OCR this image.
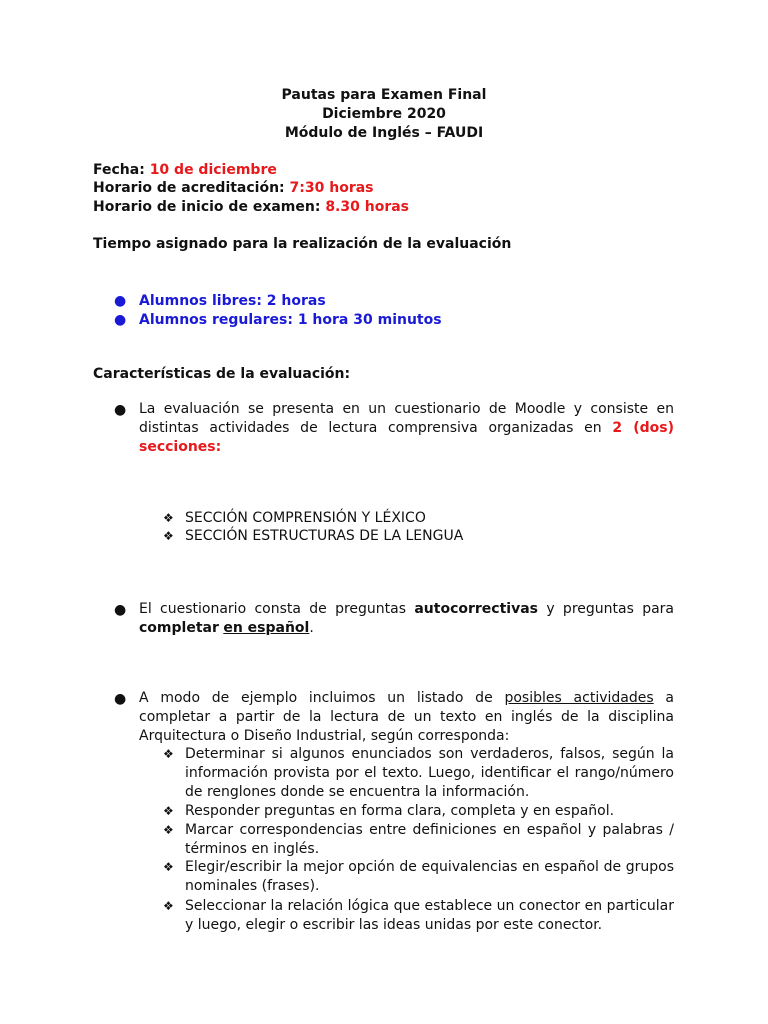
Pautas para Examen Final
Diciembre 2020
Módulo de Inglés – FAUDI
Fecha: 10 de diciembre
Horario de acreditación: 7:30 horas
Horario de inicio de examen: 8.30 horas
Tiempo asignado para la realización de la evaluación
● Alumnos libres: 2 horas
● Alumnos regulares: 1 hora 30 minutos
Características de la evaluación:
● La evaluación se presenta en un cuestionario de Moodle y consiste en distintas actividades de lectura comprensiva organizadas en 2 (dos) secciones:
❖ SECCIÓN COMPRENSIÓN Y LÉXICO
❖ SECCIÓN ESTRUCTURAS DE LA LENGUA
● El cuestionario consta de preguntas autocorrectivas y preguntas para completar en español.
● A modo de ejemplo incluimos un listado de posibles actividades a completar a partir de la lectura de un texto en inglés de la disciplina Arquitectura o Diseño Industrial, según corresponda:
❖ Determinar si algunos enunciados son verdaderos, falsos, según la información provista por el texto. Luego, identificar el rango/número de renglones donde se encuentra la información.
❖ Responder preguntas en forma clara, completa y en español.
❖ Marcar correspondencias entre definiciones en español y palabras / términos en inglés.
❖ Elegir/escribir la mejor opción de equivalencias en español de grupos nominales (frases).
❖ Seleccionar la relación lógica que establece un conector en particular y luego, elegir o escribir las ideas unidas por este conector.
